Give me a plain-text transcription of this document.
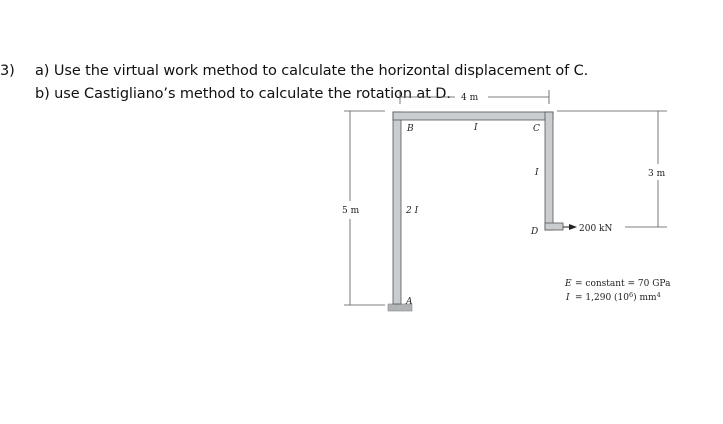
3) a) Use the virtual work method to calculate the horizontal displacement of C.
b) use Castigliano’s method to calculate the rotation at D. 4 m
5 m
3 m
B	C
D
A
2 I
I
I
200 kN
E = constant = 70 GPa
I = 1,290 $(10^6)$ $mm^4$
